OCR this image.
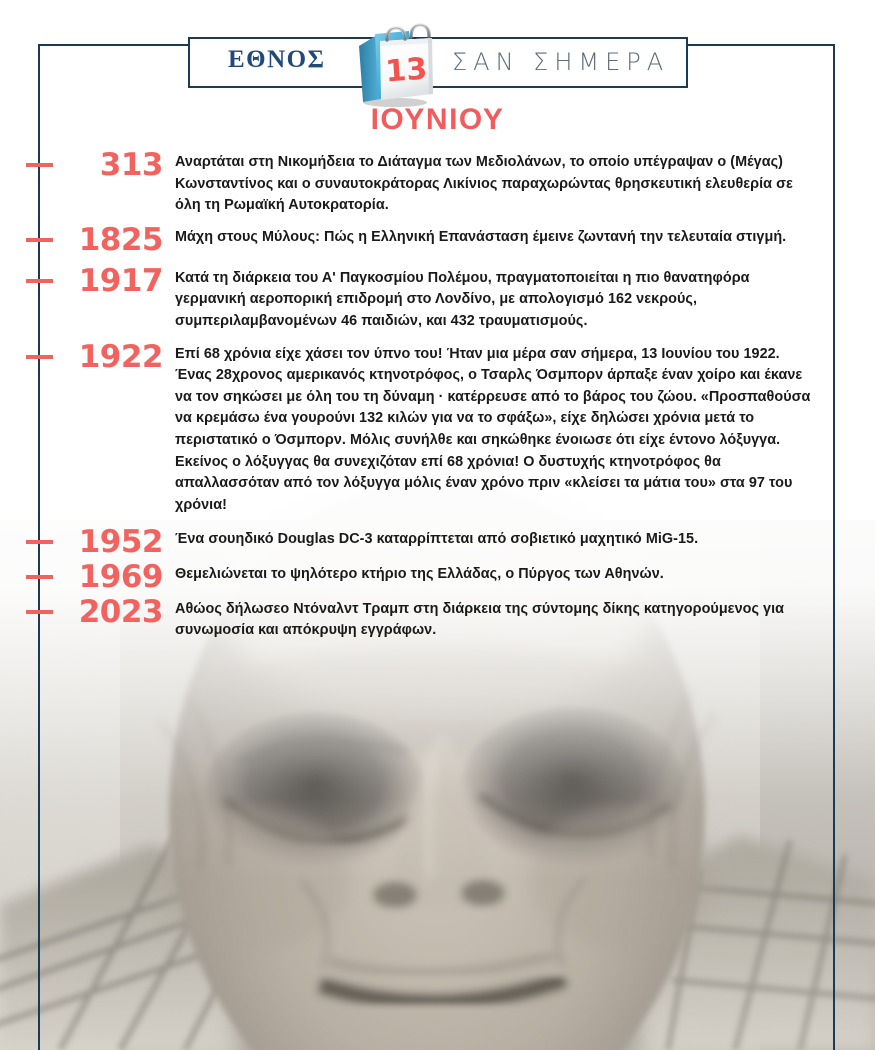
ΕΘΝΟΣ	ΣΑΝ ΣΗΜΕΡΑ
13
ΙΟΥΝΙΟΥ
313 Αναρτάται στη Νικομήδεια το Διάταγμα των Μεδιολάνων, το οποίο υπέγραψαν ο (Μέγας) Κωνσταντίνος και ο συναυτοκράτορας Λικίνιος παραχωρώντας θρησκευτική ελευθερία σε όλη τη Ρωμαϊκή Αυτοκρατορία.
1825 Μάχη στους Μύλους: Πώς η Ελληνική Επανάσταση έμεινε ζωντανή την τελευταία στιγμή.
1917 Κατά τη διάρκεια του Α' Παγκοσμίου Πολέμου, πραγματοποιείται η πιο θανατηφόρα γερμανική αεροπορική επιδρομή στο Λονδίνο, με απολογισμό 162 νεκρούς, συμπεριλαμβανομένων 46 παιδιών, και 432 τραυματισμούς.
1922 Επί 68 χρόνια είχε χάσει τον ύπνο του! Ήταν μια μέρα σαν σήμερα, 13 Ιουνίου του 1922. Ένας 28χρονος αμερικανός κτηνοτρόφος, ο Τσαρλς Όσμπορν άρπαξε έναν χοίρο και έκανε να τον σηκώσει με όλη του τη δύναμη · κατέρρευσε από το βάρος του ζώου. «Προσπαθούσα να κρεμάσω ένα γουρούνι 132 κιλών για να το σφάξω», είχε δηλώσει χρόνια μετά το περιστατικό ο Όσμπορν. Μόλις συνήλθε και σηκώθηκε ένοιωσε ότι είχε έντονο λόξυγγα. Εκείνος ο λόξυγγας θα συνεχιζόταν επί 68 χρόνια! Ο δυστυχής κτηνοτρόφος θα απαλλασσόταν από τον λόξυγγα μόλις έναν χρόνο πριν «κλείσει τα μάτια του» στα 97 του χρόνια!
1952 Ένα σουηδικό Douglas DC-3 καταρρίπτεται από σοβιετικό μαχητικό MiG-15.
1969 Θεμελιώνεται το ψηλότερο κτήριο της Ελλάδας, ο Πύργος των Αθηνών.
2023 Αθώος δήλωσεο Ντόναλντ Τραμπ στη διάρκεια της σύντομης δίκης κατηγορούμενος για συνωμοσία και απόκρυψη εγγράφων.
